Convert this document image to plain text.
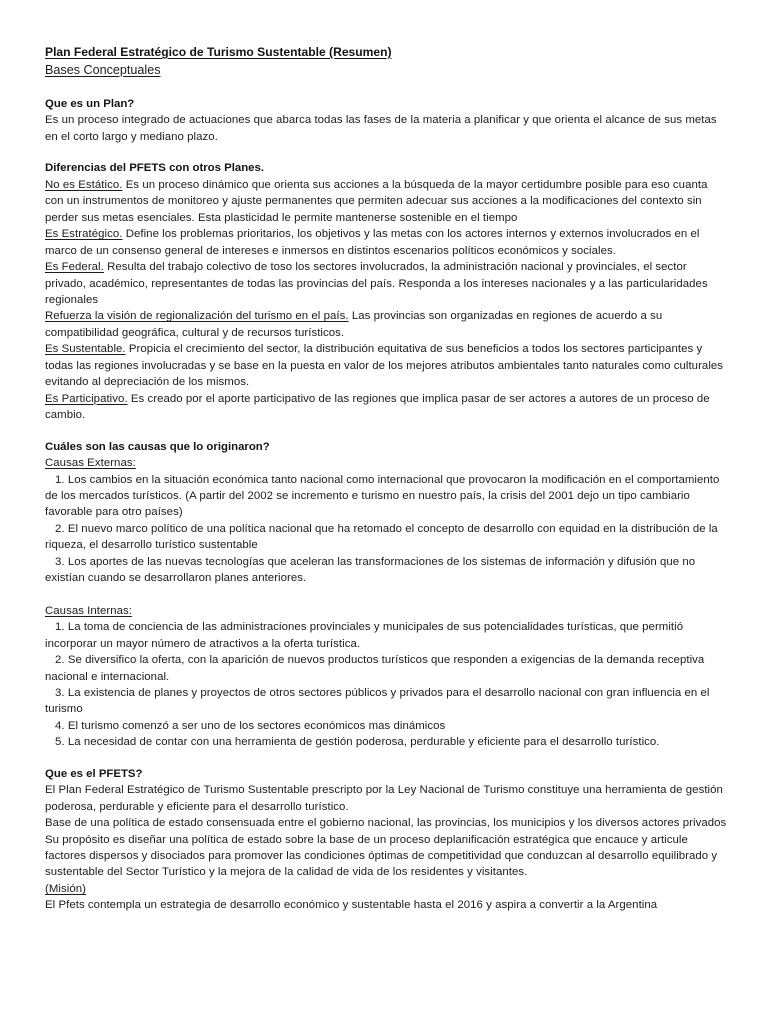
Plan Federal Estratégico de Turismo Sustentable (Resumen)
Bases Conceptuales

Que es un Plan?

Es un proceso integrado de actuaciones que abarca todas las fases de la materia a planificar y que orienta el alcance de sus metas en el corto largo y mediano plazo.

Diferencias del PFETS con otros Planes.

No es Estático. Es un proceso dinámico que orienta sus acciones a la búsqueda de la mayor certidumbre posible para eso cuanta con un instrumentos de monitoreo y ajuste permanentes que permiten adecuar sus acciones a la modificaciones del contexto sin perder sus metas esenciales. Esta plasticidad le permite mantenerse sostenible en el tiempo

Es Estratégico. Define los problemas prioritarios, los objetivos y las metas con los actores internos y externos involucrados en el marco de un consenso general de intereses e inmersos en distintos escenarios políticos económicos y sociales.

Es Federal. Resulta del trabajo colectivo de toso los sectores involucrados, la administración nacional y provinciales, el sector privado, académico, representantes de todas las provincias del país. Responda a los intereses nacionales y a las particularidades regionales

Refuerza la visión de regionalización del turismo en el país. Las provincias son organizadas en regiones de acuerdo a su compatibilidad geográfica, cultural y de recursos turísticos.

Es Sustentable. Propicia el crecimiento del sector, la distribución equitativa de sus beneficios a todos los sectores participantes y todas las regiones involucradas y se base en la puesta en valor de los mejores atributos ambientales tanto naturales como culturales evitando al depreciación de los mismos.

Es Participativo. Es creado por el aporte participativo de las regiones que implica pasar de ser actores a autores de un proceso de cambio.

Cuáles son las causas que lo originaron?

Causas Externas:

1. Los cambios en la situación económica tanto nacional como internacional que provocaron la modificación en el comportamiento de los mercados turísticos. (A partir del 2002 se incremento e turismo en nuestro país, la crisis del 2001 dejo un tipo cambiario favorable para otro países)

2. El nuevo marco político de una política nacional que ha retomado el concepto de desarrollo con equidad en la distribución de la riqueza, el desarrollo turístico sustentable

3. Los aportes de las nuevas tecnologías que aceleran las transformaciones de los sistemas de información y difusión que no existían cuando se desarrollaron planes anteriores.

Causas Internas:

1. La toma de conciencia de las administraciones provinciales y municipales de sus potencialidades turísticas, que permitió incorporar un mayor número de atractivos a la oferta turística.

2. Se diversifico la oferta, con la aparición de nuevos productos turísticos que responden a exigencias de la demanda receptiva nacional e internacional.

3. La existencia de planes y proyectos de otros sectores públicos y privados para el desarrollo nacional con gran influencia en el turismo

4. El turismo comenzó a ser uno de los sectores económicos mas dinámicos

5. La necesidad de contar con una herramienta de gestión poderosa, perdurable y eficiente para el desarrollo turístico.

Que es el PFETS?

El Plan Federal Estratégico de Turismo Sustentable prescripto por la Ley Nacional de Turismo constituye una herramienta de gestión poderosa, perdurable y eficiente para el desarrollo turístico.

Base de una política de estado consensuada entre el gobierno nacional, las provincias, los municipios y los diversos actores privados

Su propósito es diseñar una política de estado sobre la base de un proceso deplanificación estratégica que encauce y articule factores dispersos y disociados para promover las condiciones óptimas de competitividad que conduzcan al desarrollo equilibrado y sustentable del Sector Turístico y la mejora de la calidad de vida de los residentes y visitantes.

(Misión)

El Pfets contempla un estrategia de desarrollo económico y sustentable hasta el 2016 y aspira a convertir a la Argentina
